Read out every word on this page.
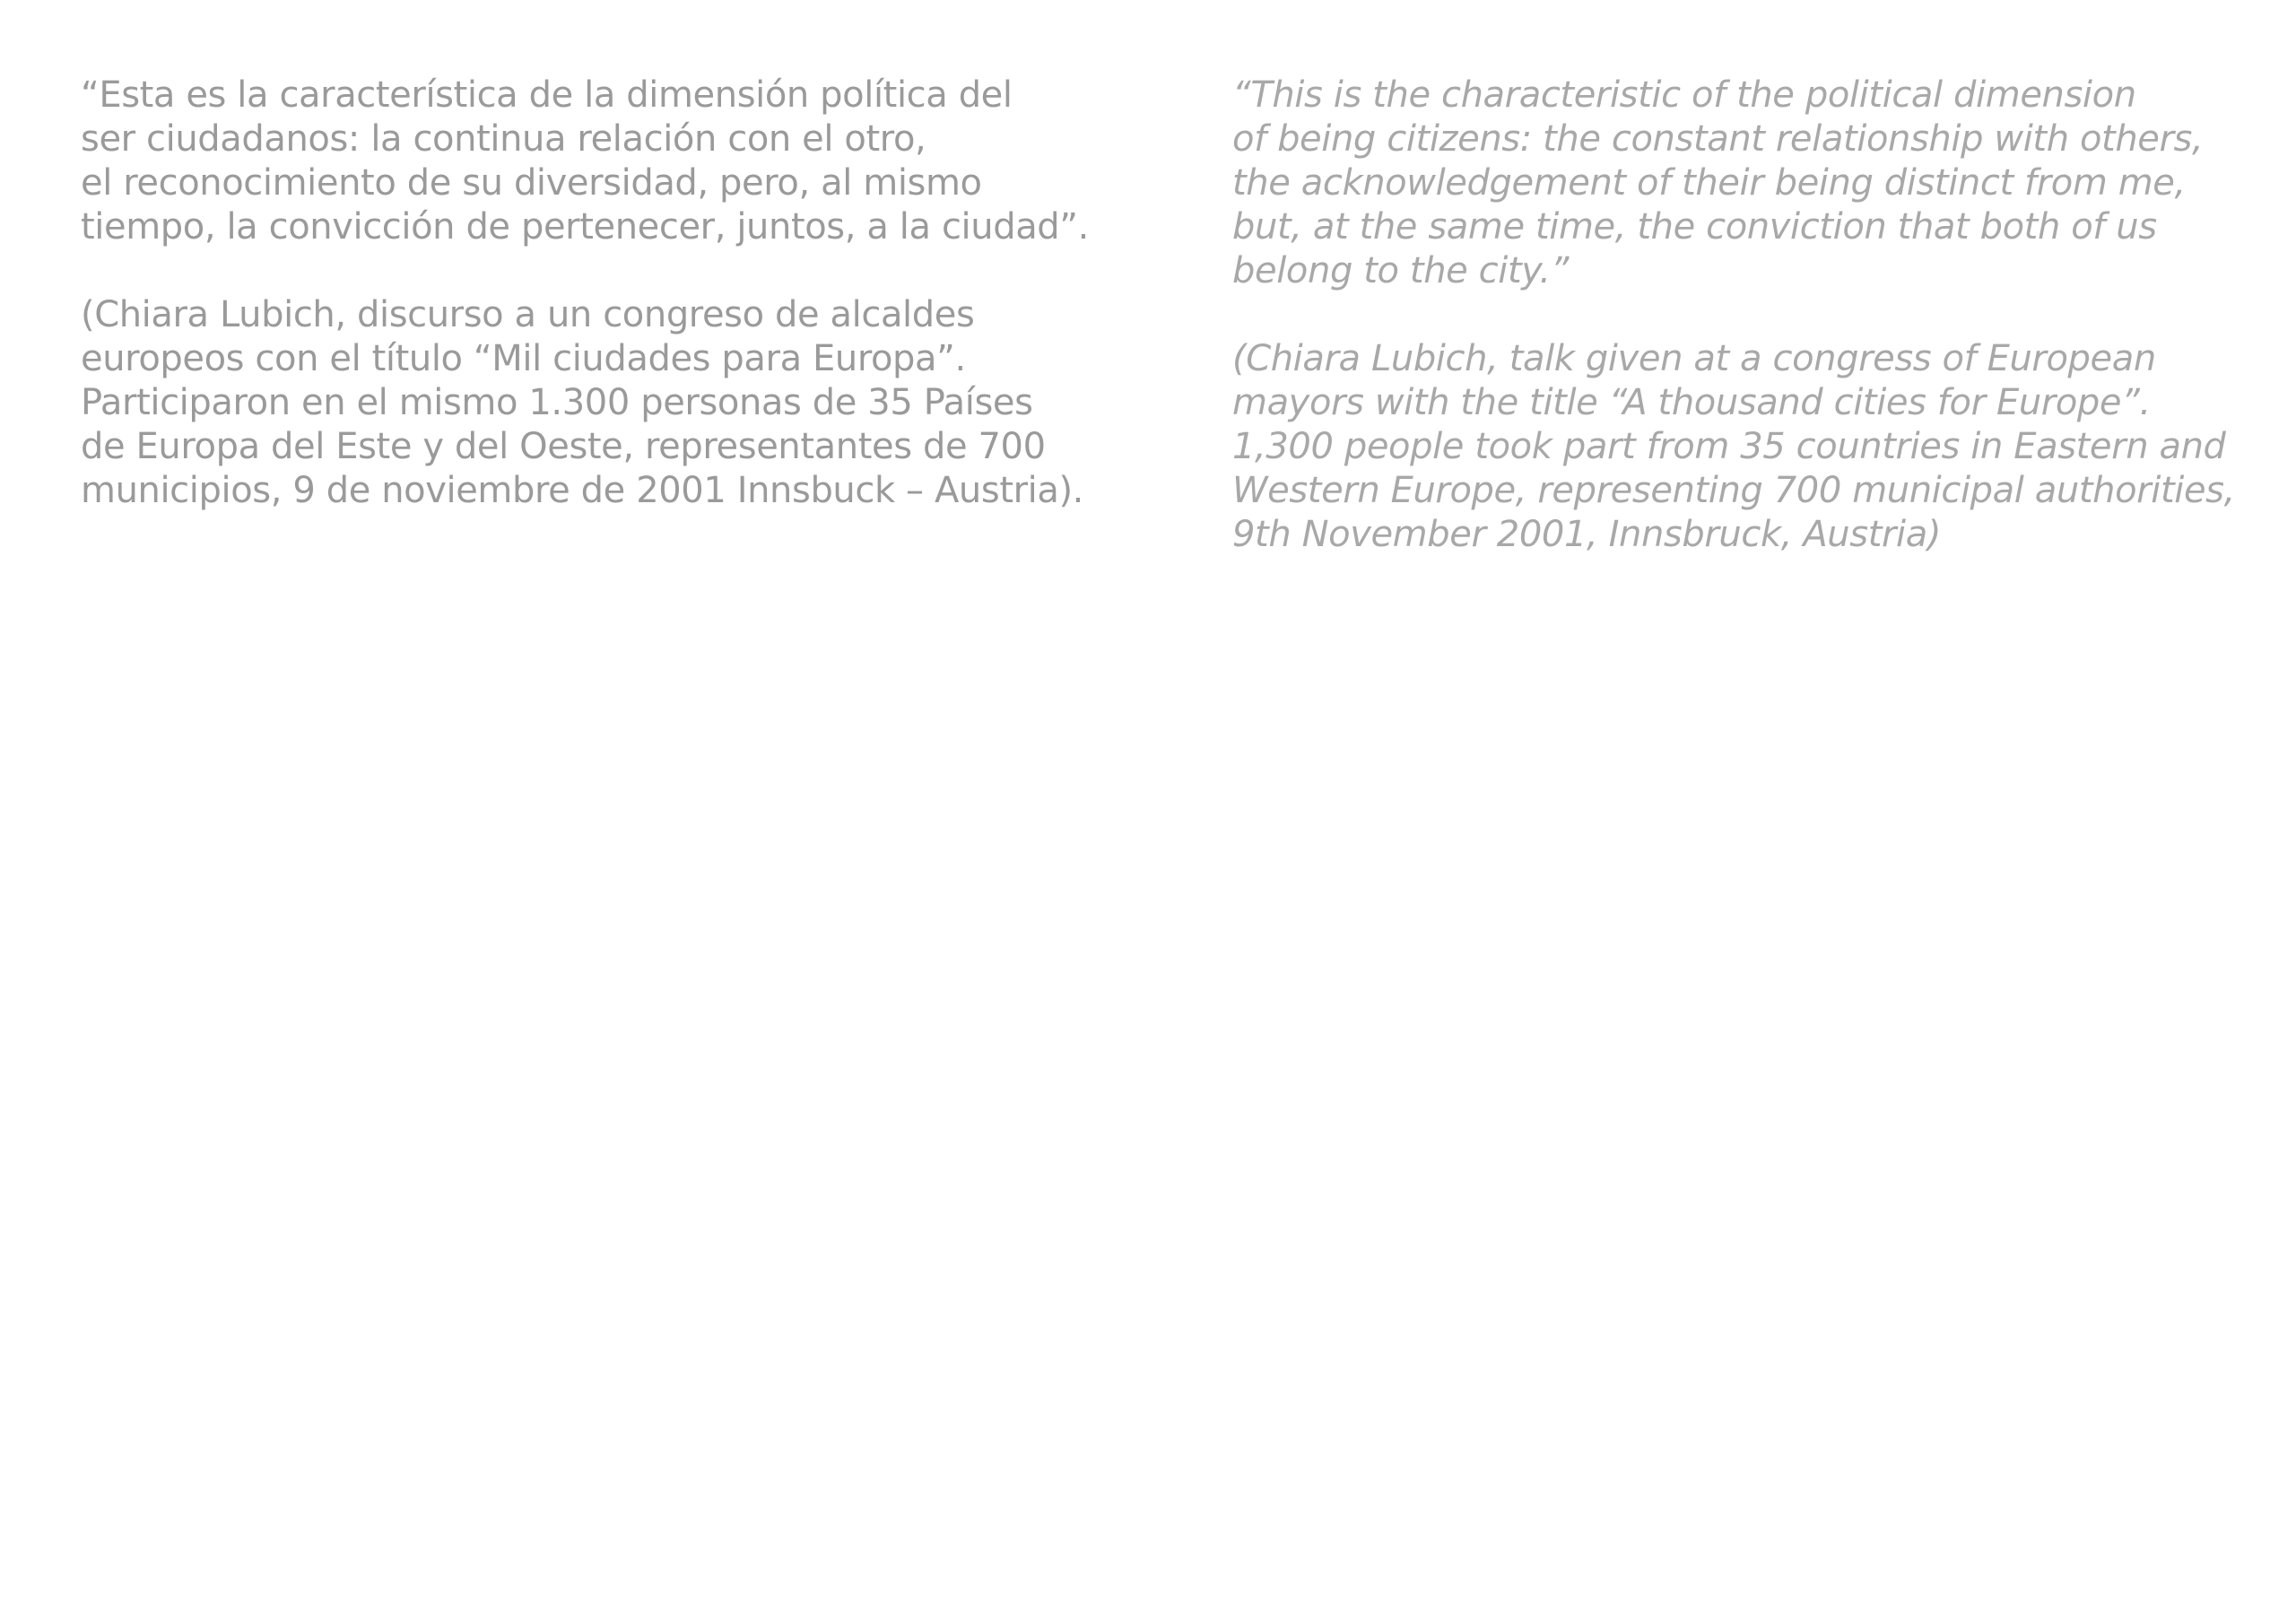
“Esta es la característica de la dimensión política del
ser ciudadanos: la continua relación con el otro,
el reconocimiento de su diversidad, pero, al mismo
tiempo, la convicción de pertenecer, juntos, a la ciudad”.

(Chiara Lubich, discurso a un congreso de alcaldes
europeos con el título “Mil ciudades para Europa”.
Participaron en el mismo 1.300 personas de 35 Países
de Europa del Este y del Oeste, representantes de 700
municipios, 9 de noviembre de 2001 Innsbuck – Austria).

“This is the characteristic of the political dimension
of being citizens: the constant relationship with others,
the acknowledgement of their being distinct from me,
but, at the same time, the conviction that both of us
belong to the city.”

(Chiara Lubich, talk given at a congress of European
mayors with the title “A thousand cities for Europe”.
1,300 people took part from 35 countries in Eastern and
Western Europe, representing 700 municipal authorities,
9th November 2001, Innsbruck, Austria)
